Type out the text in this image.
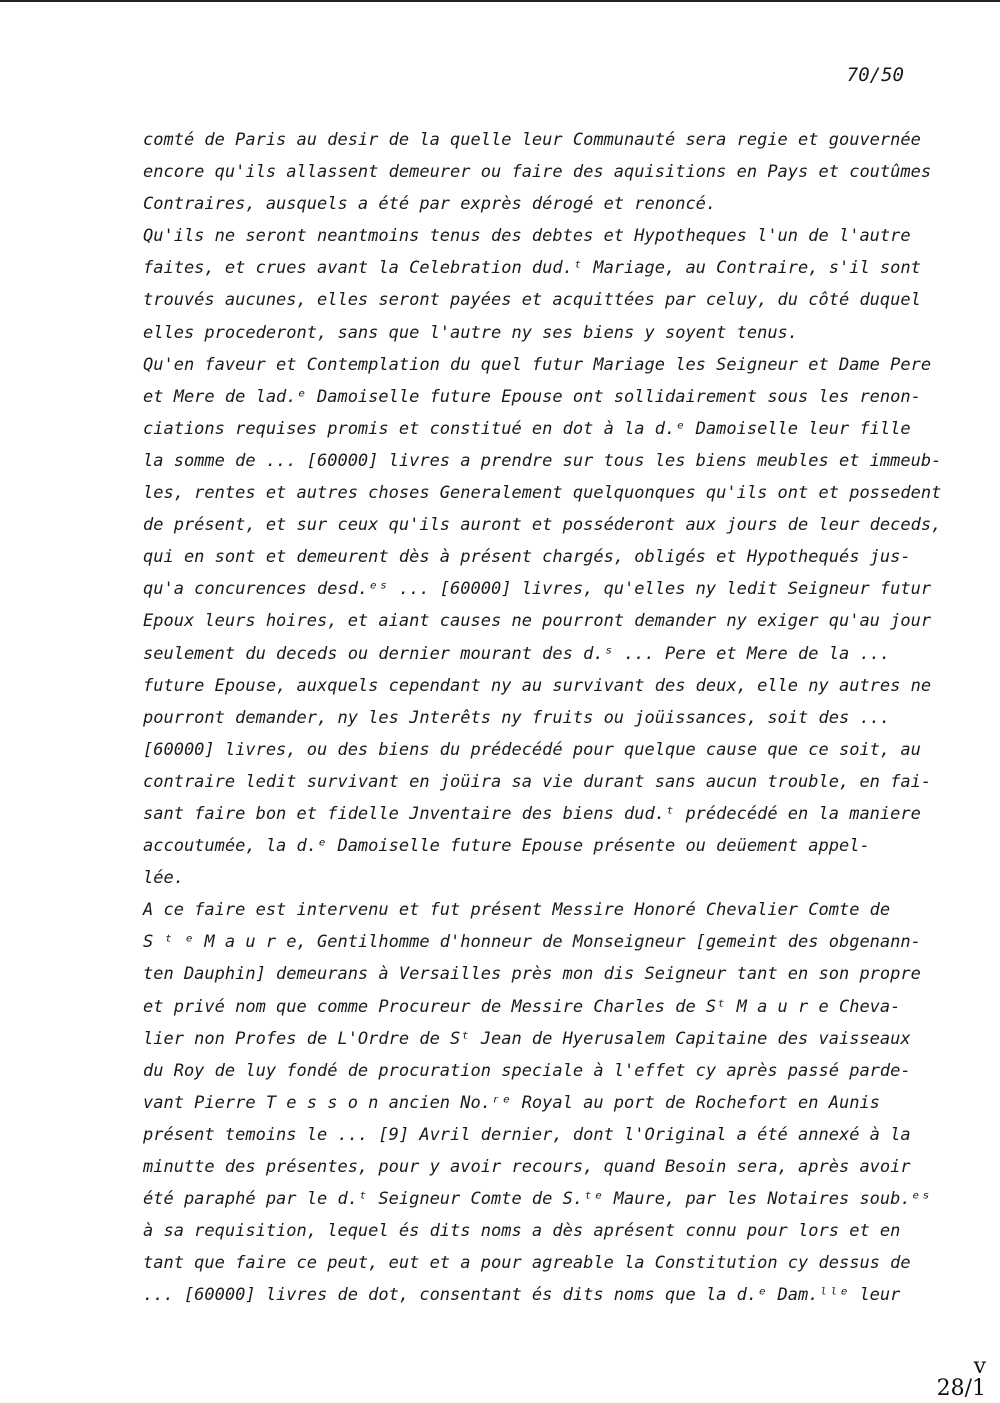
70/50
comté de Paris au desir de la quelle leur Communauté sera regie et gouvernée
encore qu'ils allassent demeurer ou faire des aquisitions en Pays et coutûmes
Contraires, ausquels a été par exprès dérogé et renoncé.
Qu'ils ne seront neantmoins tenus des debtes et Hypotheques l'un de l'autre
faites, et crues avant la Celebration dud.ᵗ Mariage, au Contraire, s'il sont
trouvés aucunes, elles seront payées et acquittées par celuy, du côté duquel
elles procederont, sans que l'autre ny ses biens y soyent tenus.
Qu'en faveur et Contemplation du quel futur Mariage les Seigneur et Dame Pere
et Mere de lad.ᵉ Damoiselle future Epouse ont sollidairement sous les renon-
ciations requises promis et constitué en dot à la d.ᵉ Damoiselle leur fille
la somme de ... [60000] livres a prendre sur tous les biens meubles et immeub-
les, rentes et autres choses Generalement quelquonques qu'ils ont et possedent
de présent, et sur ceux qu'ils auront et posséderont aux jours de leur deceds,
qui en sont et demeurent dès à présent chargés, obligés et Hypothequés jus-
qu'a concurences desd.ᵉˢ ... [60000] livres, qu'elles ny ledit Seigneur futur
Epoux leurs hoires, et aiant causes ne pourront demander ny exiger qu'au jour
seulement du deceds ou dernier mourant des d.ˢ ... Pere et Mere de la ...
future Epouse, auxquels cependant ny au survivant des deux, elle ny autres ne
pourront demander, ny les Jnterêts ny fruits ou joüissances, soit des ...
[60000] livres, ou des biens du prédecédé pour quelque cause que ce soit, au
contraire ledit survivant en joüira sa vie durant sans aucun trouble, en fai-
sant faire bon et fidelle Jnventaire des biens dud.ᵗ prédecédé en la maniere
accoutumée, la d.ᵉ Damoiselle future Epouse présente ou deüement appel-
lée.
A ce faire est intervenu et fut présent Messire Honoré Chevalier Comte de
S ᵗ ᵉ M a u r e, Gentilhomme d'honneur de Monseigneur [gemeint des obgenann-
ten Dauphin] demeurans à Versailles près mon dis Seigneur tant en son propre
et privé nom que comme Procureur de Messire Charles de Sᵗ M a u r e Cheva-
lier non Profes de L'Ordre de Sᵗ Jean de Hyerusalem Capitaine des vaisseaux
du Roy de luy fondé de procuration speciale à l'effet cy après passé parde-
vant Pierre T e s s o n ancien No.ʳᵉ Royal au port de Rochefort en Aunis
présent temoins le ... [9] Avril dernier, dont l'Original a été annexé à la
minutte des présentes, pour y avoir recours, quand Besoin sera, après avoir
été paraphé par le d.ᵗ Seigneur Comte de S.ᵗᵉ Maure, par les Notaires soub.ᵉˢ
à sa requisition, lequel és dits noms a dès aprésent connu pour lors et en
tant que faire ce peut, eut et a pour agreable la Constitution cy dessus de
... [60000] livres de dot, consentant és dits noms que la d.ᵉ Dam.ˡˡᵉ leur
v
28/1
